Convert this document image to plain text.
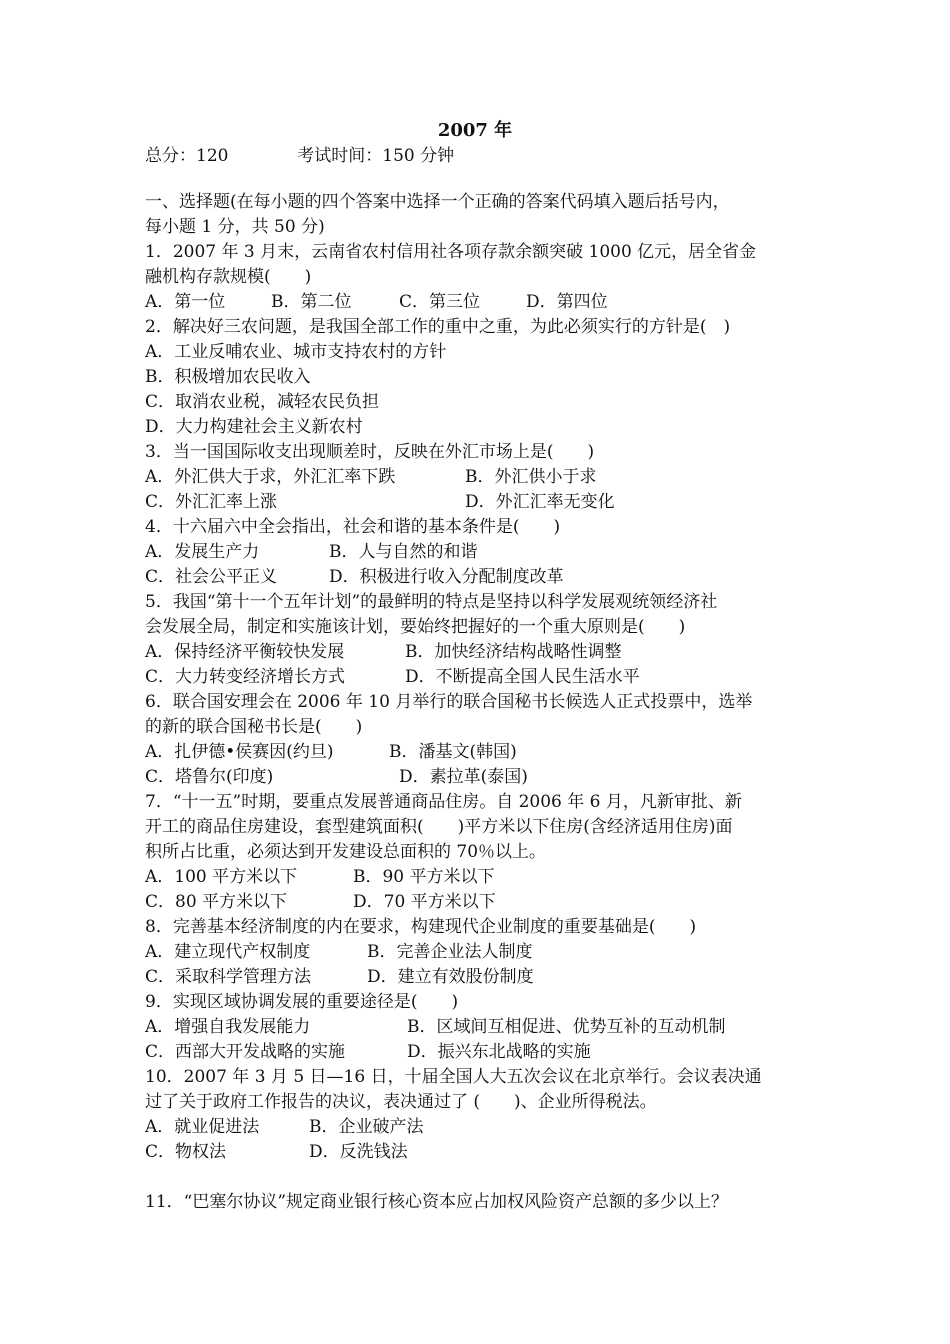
2007 年
总分：120	考试时间：150 分钟
一、选择题(在每小题的四个答案中选择一个正确的答案代码填入题后括号内，
每小题 1 分，共 50 分)
1．2007 年 3 月末，云南省农村信用社各项存款余额突破 1000 亿元，居全省金
融机构存款规模(　　)
A．第一位	B．第二位	C．第三位	D．第四位
2．解决好三农问题，是我国全部工作的重中之重，为此必须实行的方针是(　)
A．工业反哺农业、城市支持农村的方针
B．积极增加农民收入
C．取消农业税，减轻农民负担
D．大力构建社会主义新农村
3．当一国国际收支出现顺差时，反映在外汇市场上是(　　)
A．外汇供大于求，外汇汇率下跌	B．外汇供小于求
C．外汇汇率上涨	D．外汇汇率无变化
4．十六届六中全会指出，社会和谐的基本条件是(　　)
A．发展生产力	B．人与自然的和谐
C．社会公平正义	D．积极进行收入分配制度改革
5．我国“第十一个五年计划”的最鲜明的特点是坚持以科学发展观统领经济社
会发展全局，制定和实施该计划，要始终把握好的一个重大原则是(　　)
A．保持经济平衡较快发展	B．加快经济结构战略性调整
C．大力转变经济增长方式	D．不断提高全国人民生活水平
6．联合国安理会在 2006 年 10 月举行的联合国秘书长候选人正式投票中，选举
的新的联合国秘书长是(　　)
A．扎伊德•侯赛因(约旦)	B．潘基文(韩国)
C．塔鲁尔(印度)	D．素拉革(泰国)
7．“十一五”时期，要重点发展普通商品住房。自 2006 年 6 月，凡新审批、新
开工的商品住房建设，套型建筑面积(　　)平方米以下住房(含经济适用住房)面
积所占比重，必须达到开发建设总面积的 70％以上。
A．100 平方米以下	B．90 平方米以下
C．80 平方米以下	D．70 平方米以下
8．完善基本经济制度的内在要求，构建现代企业制度的重要基础是(　　)
A．建立现代产权制度	B．完善企业法人制度
C．采取科学管理方法	D．建立有效股份制度
9．实现区域协调发展的重要途径是(　　)
A．增强自我发展能力	B．区域间互相促进、优势互补的互动机制
C．西部大开发战略的实施	D．振兴东北战略的实施
10．2007 年 3 月 5 日—16 日，十届全国人大五次会议在北京举行。会议表决通
过了关于政府工作报告的决议，表决通过了 (　　)、企业所得税法。
A．就业促进法	B．企业破产法
C．物权法	D．反洗钱法
11．“巴塞尔协议”规定商业银行核心资本应占加权风险资产总额的多少以上？
